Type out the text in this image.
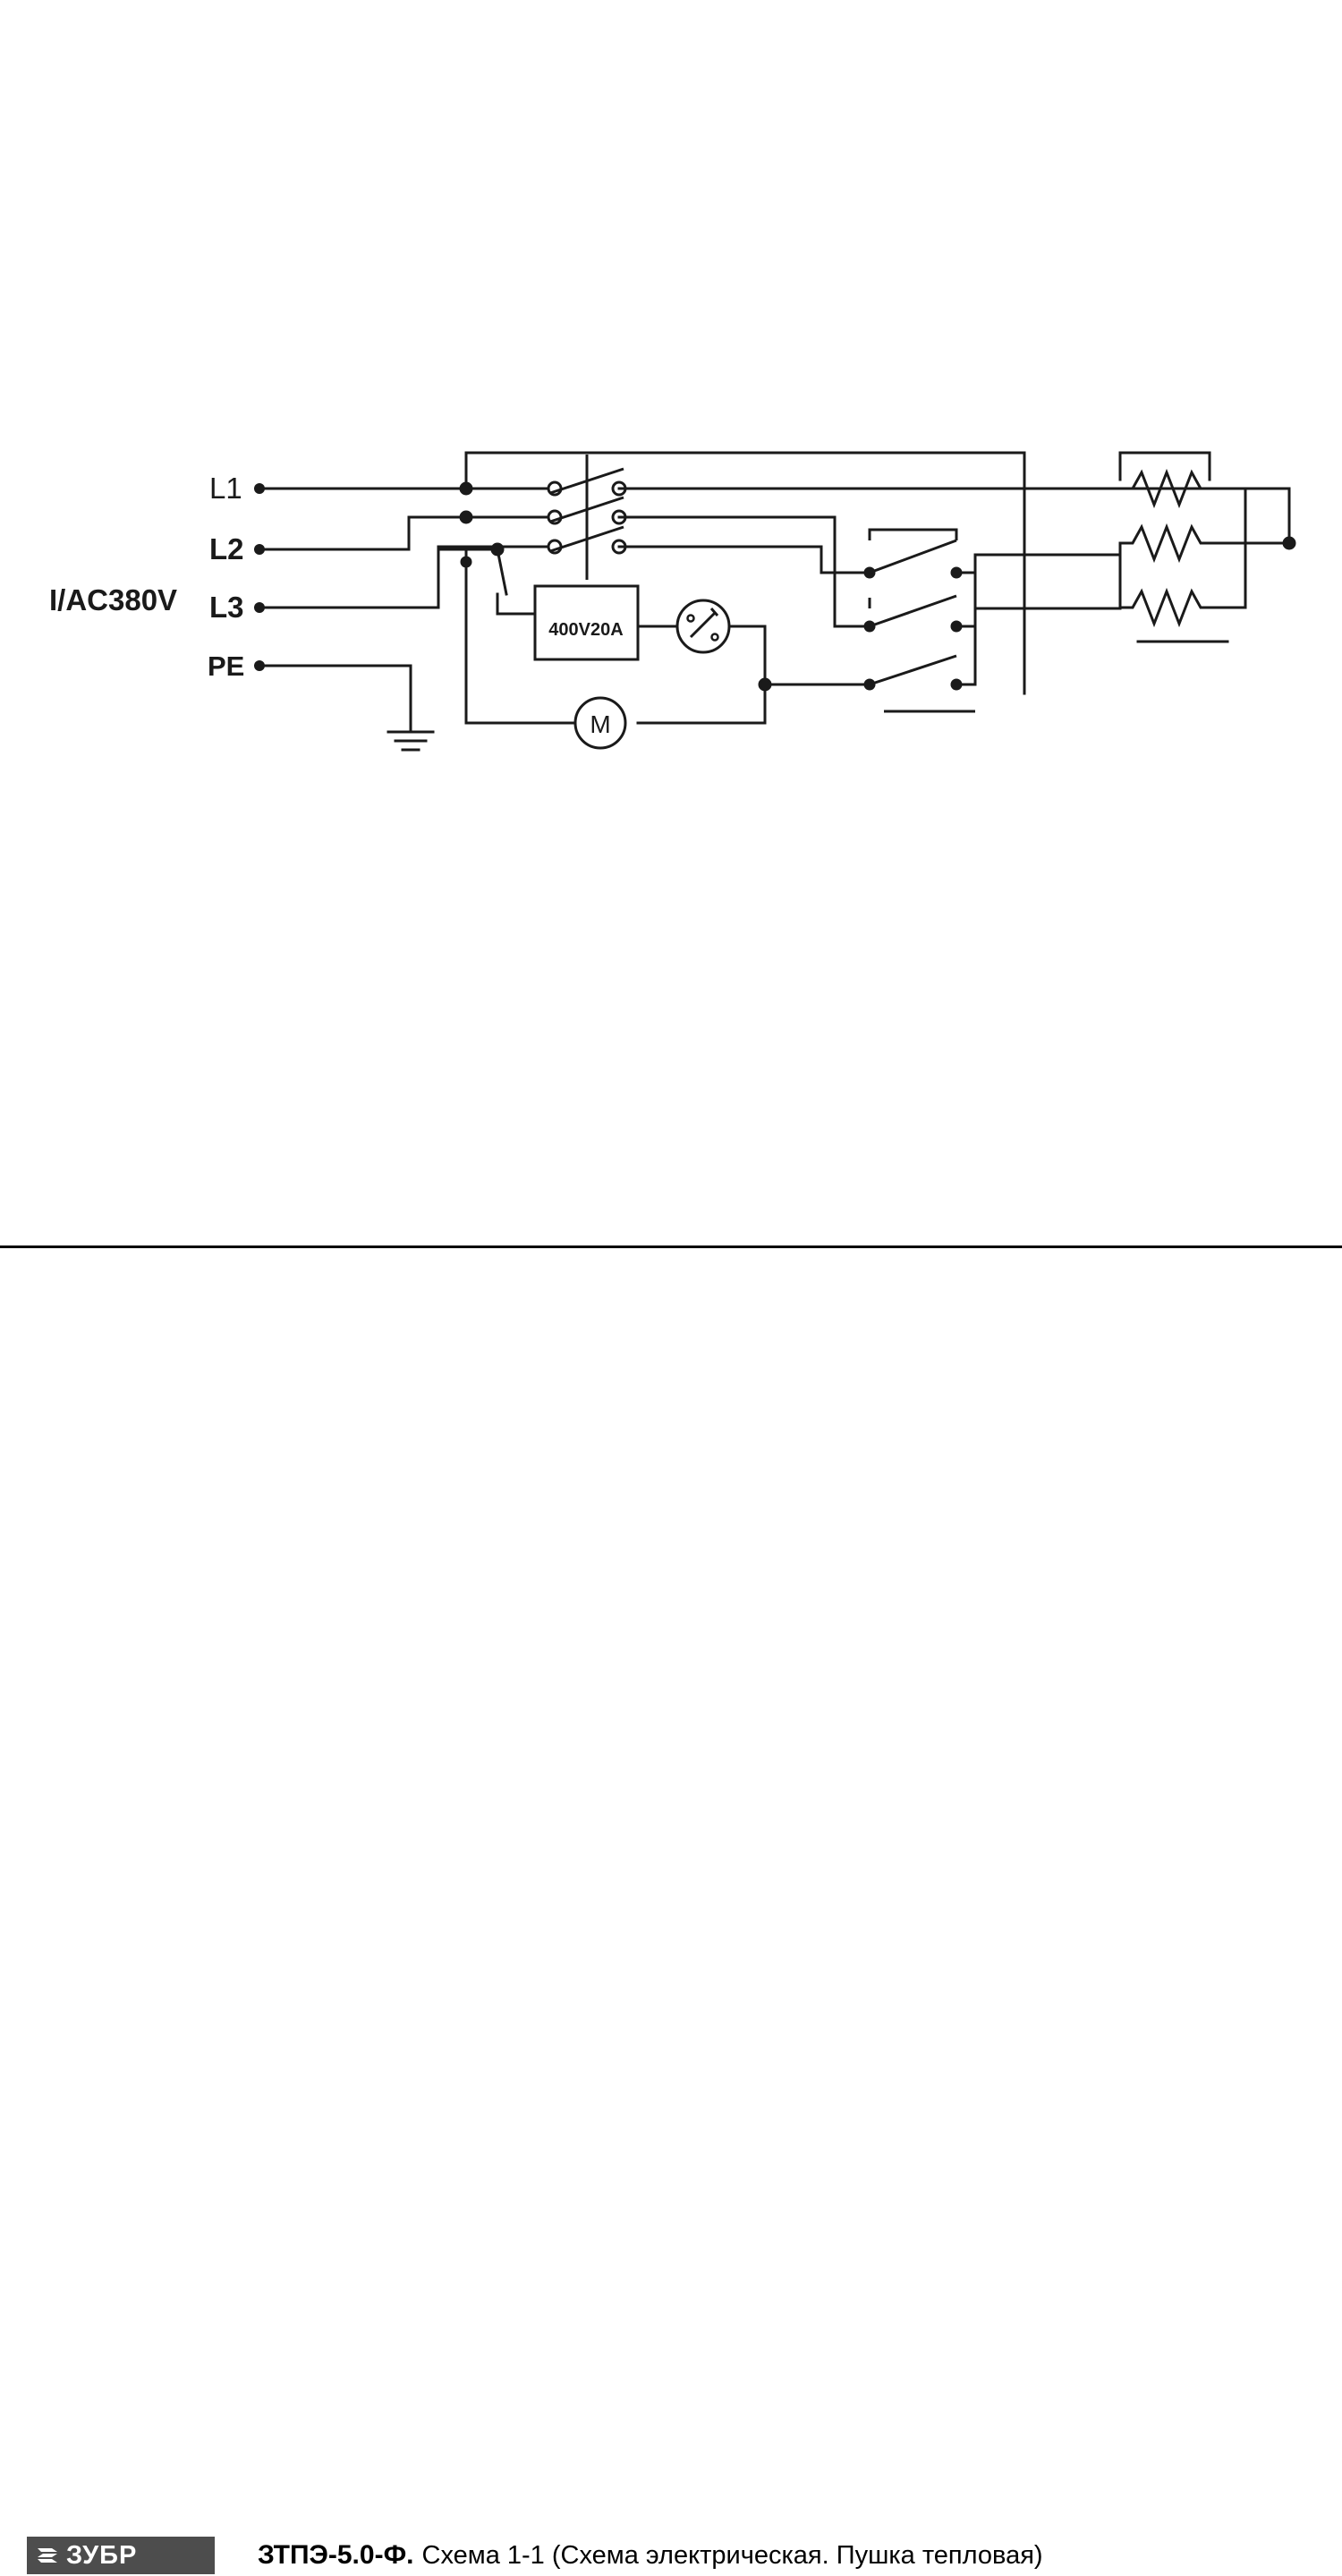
I/AC380V
L1
L2
L3
PE
400V20A
M
ЗУБР	ЗТПЭ-5.0-Ф. Схема 1-1 (Схема электрическая. Пушка тепловая)
